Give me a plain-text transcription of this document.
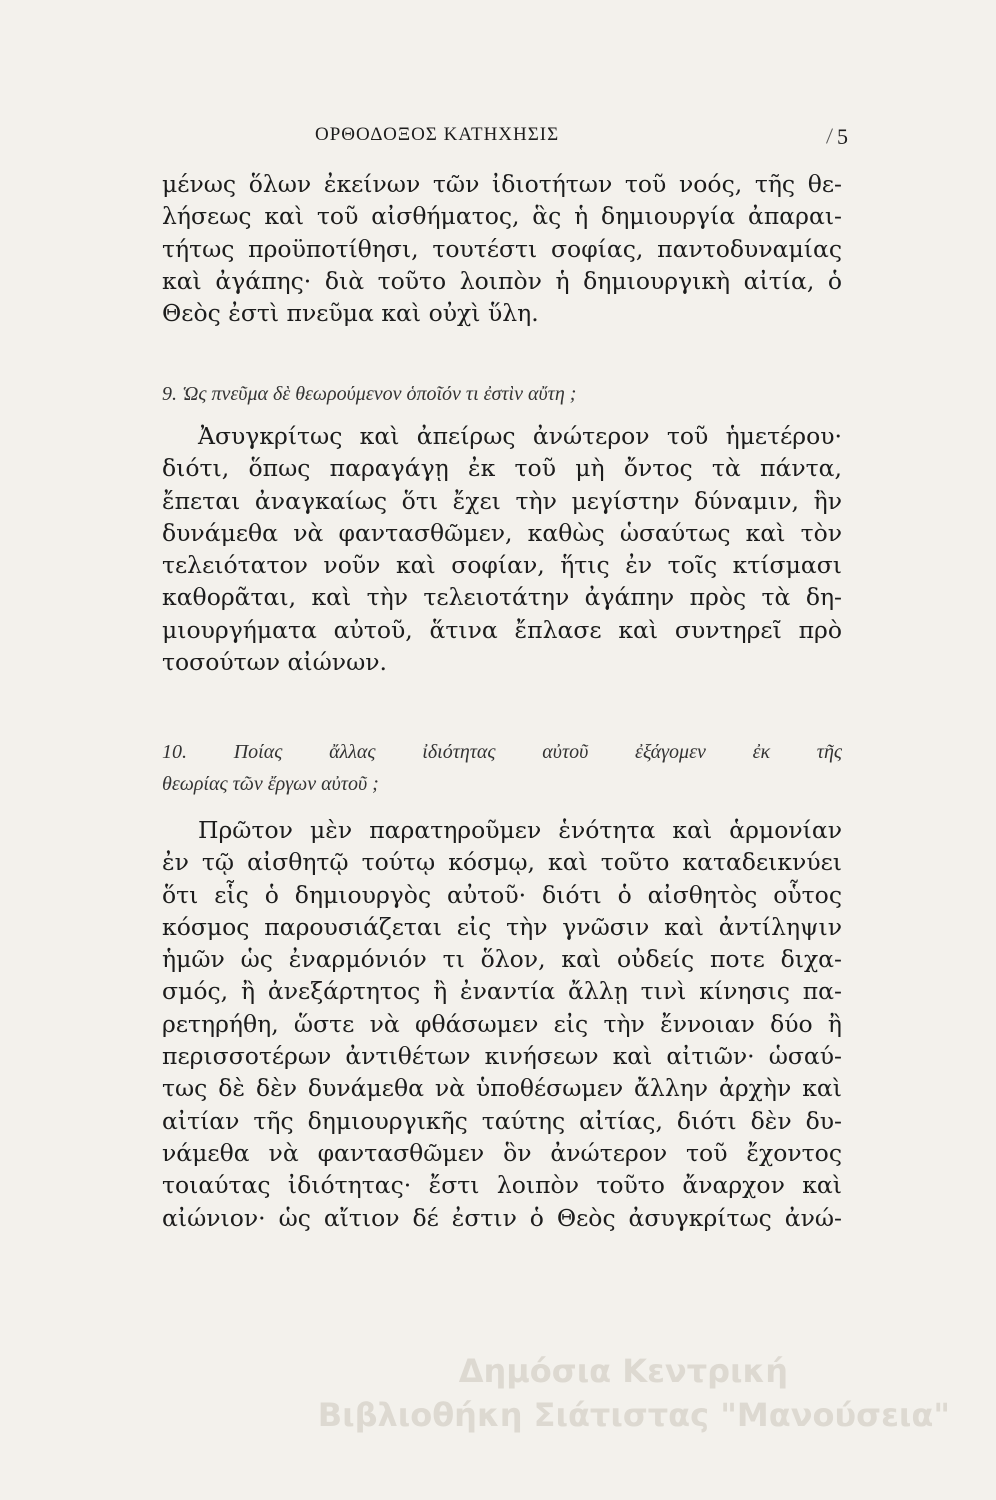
ΟΡΘΟΔΟΞΟΣ ΚΑΤΗΧΗΣΙΣ	5
μένως ὅλων ἐκείνων τῶν ἰδιοτήτων τοῦ νοός, τῆς θε-
λήσεως καὶ τοῦ αἰσθήματος, ἃς ἡ δημιουργία ἀπαραι-
τήτως προϋποτίθησι, τουτέστι σοφίας, παντοδυναμίας
καὶ ἀγάπης· διὰ τοῦτο λοιπὸν ἡ δημιουργικὴ αἰτία, ὁ
Θεὸς ἐστὶ πνεῦμα καὶ οὐχὶ ὕλη.
9. Ὡς πνεῦμα δὲ θεωρούμενον ὁποῖόν τι ἐστὶν αὔτη ;
Ἀσυγκρίτως καὶ ἀπείρως ἀνώτερον τοῦ ἡμετέρου·
διότι, ὅπως παραγάγῃ ἐκ τοῦ μὴ ὄντος τὰ πάντα,
ἔπεται ἀναγκαίως ὅτι ἔχει τὴν μεγίστην δύναμιν, ἣν
δυνάμεθα νὰ φαντασθῶμεν, καθὼς ὡσαύτως καὶ τὸν
τελειότατον νοῦν καὶ σοφίαν, ἥτις ἐν τοῖς κτίσμασι
καθορᾶται, καὶ τὴν τελειοτάτην ἀγάπην πρὸς τὰ δη-
μιουργήματα αὐτοῦ, ἅτινα ἔπλασε καὶ συντηρεῖ πρὸ
τοσούτων αἰώνων.
10. Ποίας ἄλλας ἰδιότητας αὐτοῦ ἐξάγομεν ἐκ τῆς
θεωρίας τῶν ἔργων αὐτοῦ ;
Πρῶτον μὲν παρατηροῦμεν ἑνότητα καὶ ἁρμονίαν
ἐν τῷ αἰσθητῷ τούτῳ κόσμῳ, καὶ τοῦτο καταδεικνύει
ὅτι εἷς ὁ δημιουργὸς αὐτοῦ· διότι ὁ αἰσθητὸς οὗτος
κόσμος παρουσιάζεται εἰς τὴν γνῶσιν καὶ ἀντίληψιν
ἡμῶν ὡς ἐναρμόνιόν τι ὅλον, καὶ οὐδείς ποτε διχα-
σμός, ἢ ἀνεξάρτητος ἢ ἐναντία ἄλλῃ τινὶ κίνησις πα-
ρετηρήθη, ὥστε νὰ φθάσωμεν εἰς τὴν ἔννοιαν δύο ἢ
περισσοτέρων ἀντιθέτων κινήσεων καὶ αἰτιῶν· ὡσαύ-
τως δὲ δὲν δυνάμεθα νὰ ὑποθέσωμεν ἄλλην ἀρχὴν καὶ
αἰτίαν τῆς δημιουργικῆς ταύτης αἰτίας, διότι δὲν δυ-
νάμεθα νὰ φαντασθῶμεν ὃν ἀνώτερον τοῦ ἔχοντος
τοιαύτας ἰδιότητας· ἔστι λοιπὸν τοῦτο ἄναρχον καὶ
αἰώνιον· ὡς αἴτιον δέ ἐστιν ὁ Θεὸς ἀσυγκρίτως ἀνώ-
Δημόσια Κεντρική
Βιβλιοθήκη Σιάτιστας "Μανούσεια"
